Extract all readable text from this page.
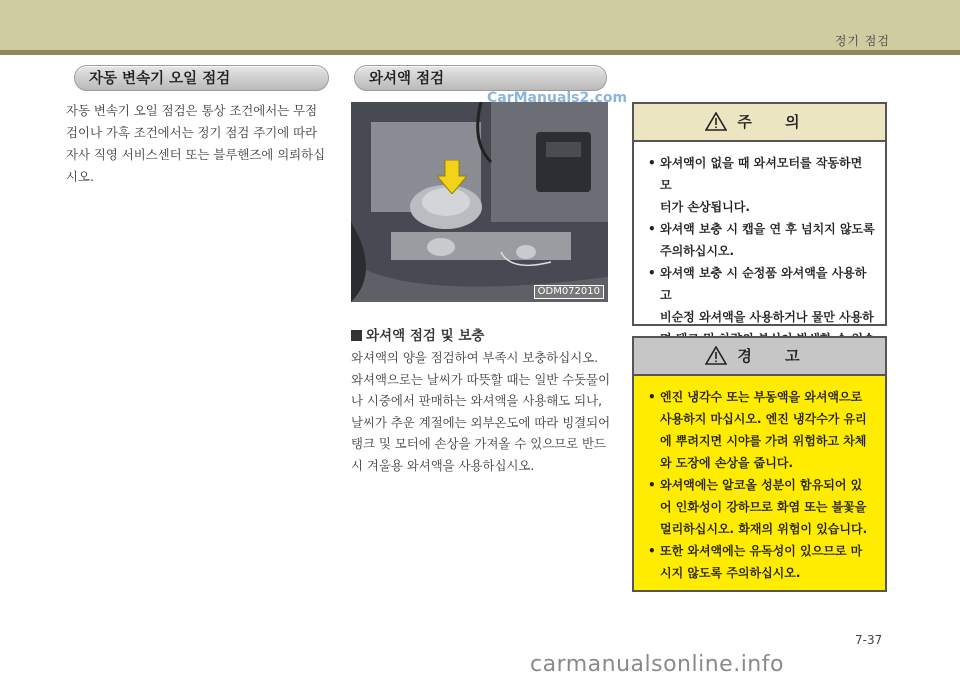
정기 점검
자동 변속기 오일 점검
자동 변속기 오일 점검은 통상 조건에서는 무점
검이나 가혹 조건에서는 정기 점검 주기에 따라
자사 직영 서비스센터 또는 블루핸즈에 의뢰하십
시오.
와셔액 점검
ODM072010
CarManuals2.com
와셔액 점검 및 보충
와셔액의 양을 점검하여 부족시 보충하십시오.
와셔액으로는 날씨가 따뜻할 때는 일반 수돗물이
나 시중에서 판매하는 와셔액을 사용해도 되나,
날씨가 추운 계절에는 외부온도에 따라 빙결되어
탱크 및 모터에 손상을 가져올 수 있으므로 반드
시 겨울용 와셔액을 사용하십시오.
주 의
• 와셔액이 없을 때 와셔모터를 작동하면 모
터가 손상됩니다.
• 와셔액 보충 시 캡을 연 후 넘치지 않도록
주의하십시오.
• 와셔액 보충 시 순정품 와셔액을 사용하고
비순정 와셔액을 사용하거나 물만 사용하
경 고
• 엔진 냉각수 또는 부동액을 와셔액으로
사용하지 마십시오. 엔진 냉각수가 유리
에 뿌려지면 시야를 가려 위험하고 차체
와 도장에 손상을 줍니다.
• 와셔액에는 알코올 성분이 함유되어 있
어 인화성이 강하므로 화염 또는 불꽃을
멀리하십시오. 화재의 위험이 있습니다.
• 또한 와셔액에는 유독성이 있으므로 마
시지 않도록 주의하십시오.
7-37
carmanualsonline.info
